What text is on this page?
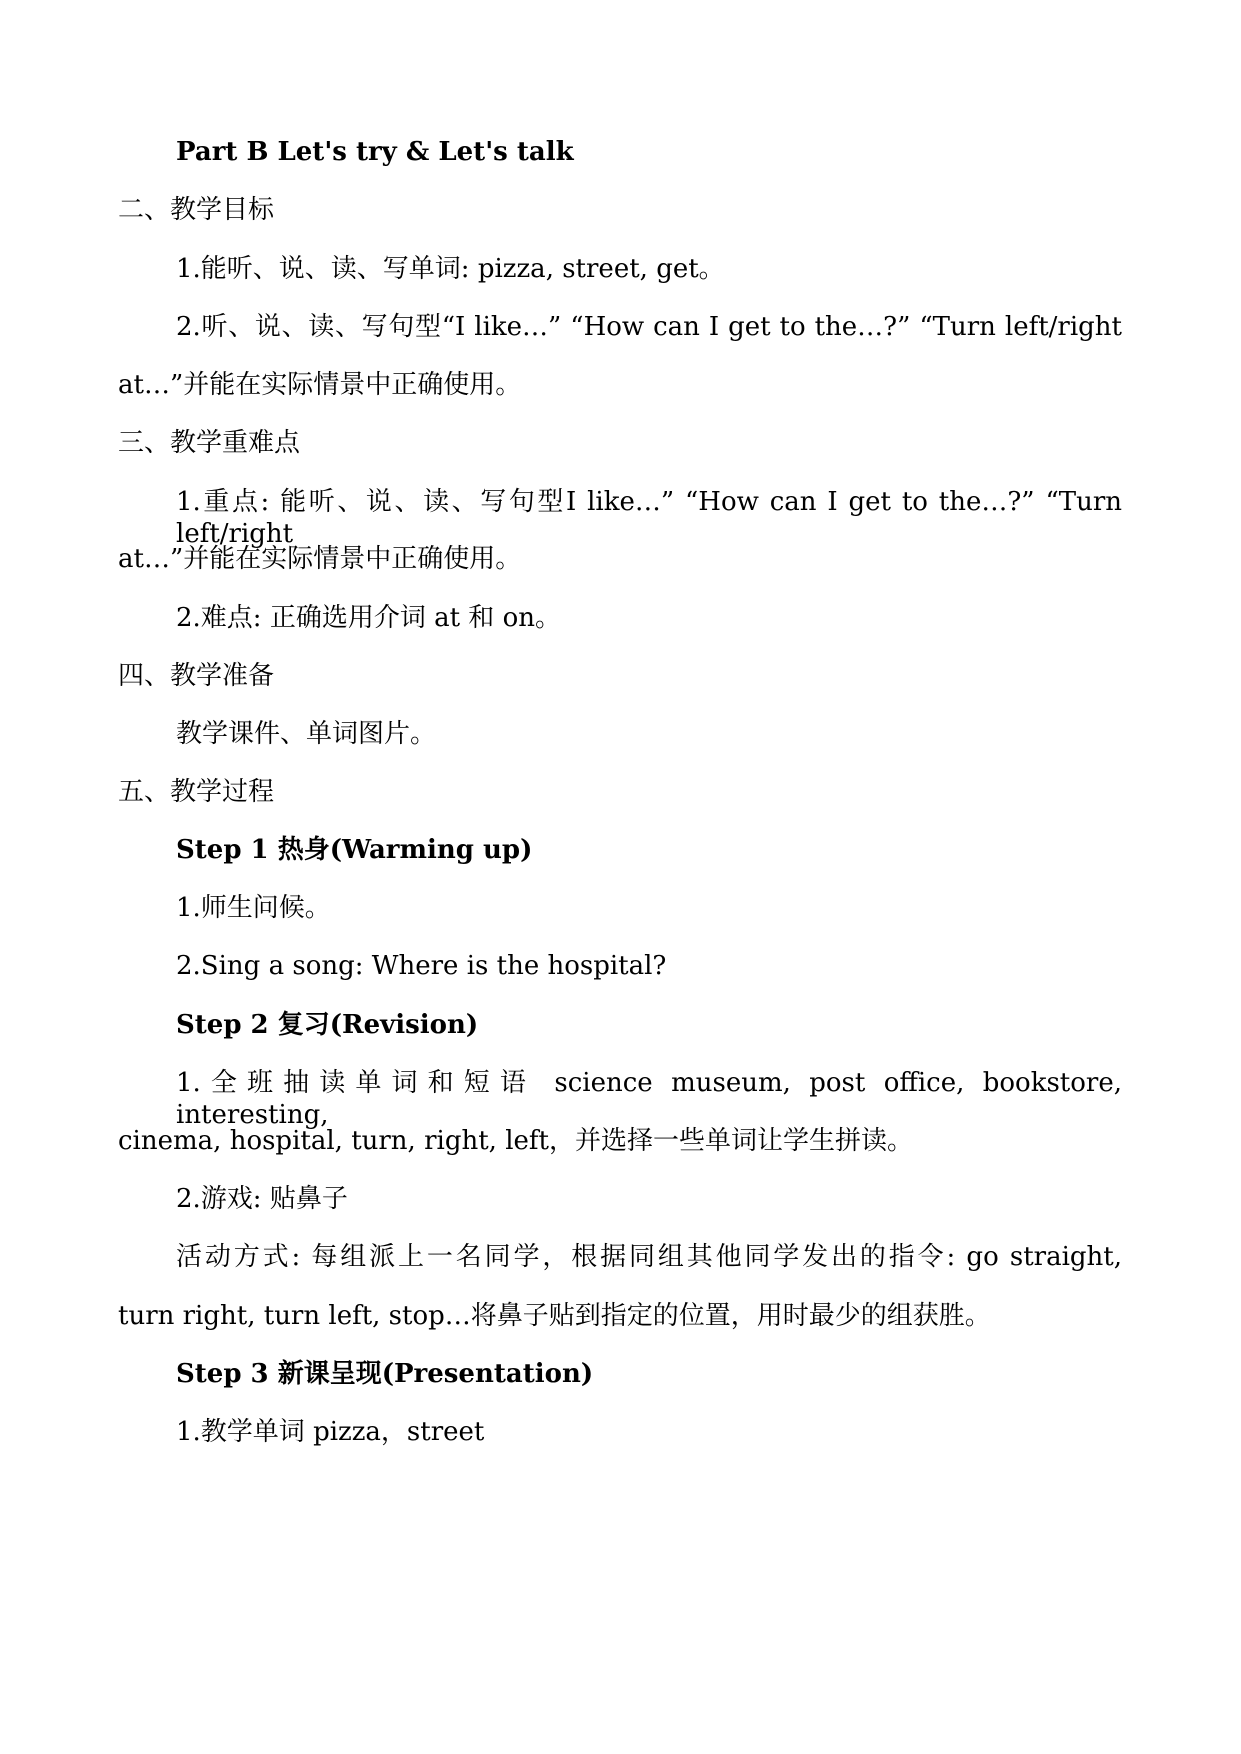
Part B Let's try & Let's talk

二、教学目标

1.能听、说、读、写单词: pizza, street, get。

2.听、说、读、写句型“I like…” “How can I get to the…?” “Turn left/right

at…”并能在实际情景中正确使用。

三、教学重难点

1.重点: 能听、说、读、写句型I like…” “How can I get to the…?” “Turn left/right

at…”并能在实际情景中正确使用。

2.难点: 正确选用介词 at 和 on。

四、教学准备

教学课件、单词图片。

五、教学过程

Step 1 热身(Warming up)

1.师生问候。

2.Sing a song: Where is the hospital?

Step 2 复习(Revision)

1.全班抽读单词和短语 science museum, post office, bookstore, interesting,

cinema, hospital, turn, right, left，并选择一些单词让学生拼读。

2.游戏: 贴鼻子

活动方式: 每组派上一名同学，根据同组其他同学发出的指令: go straight,

turn right, turn left, stop…将鼻子贴到指定的位置，用时最少的组获胜。

Step 3 新课呈现(Presentation)

1.教学单词 pizza，street
